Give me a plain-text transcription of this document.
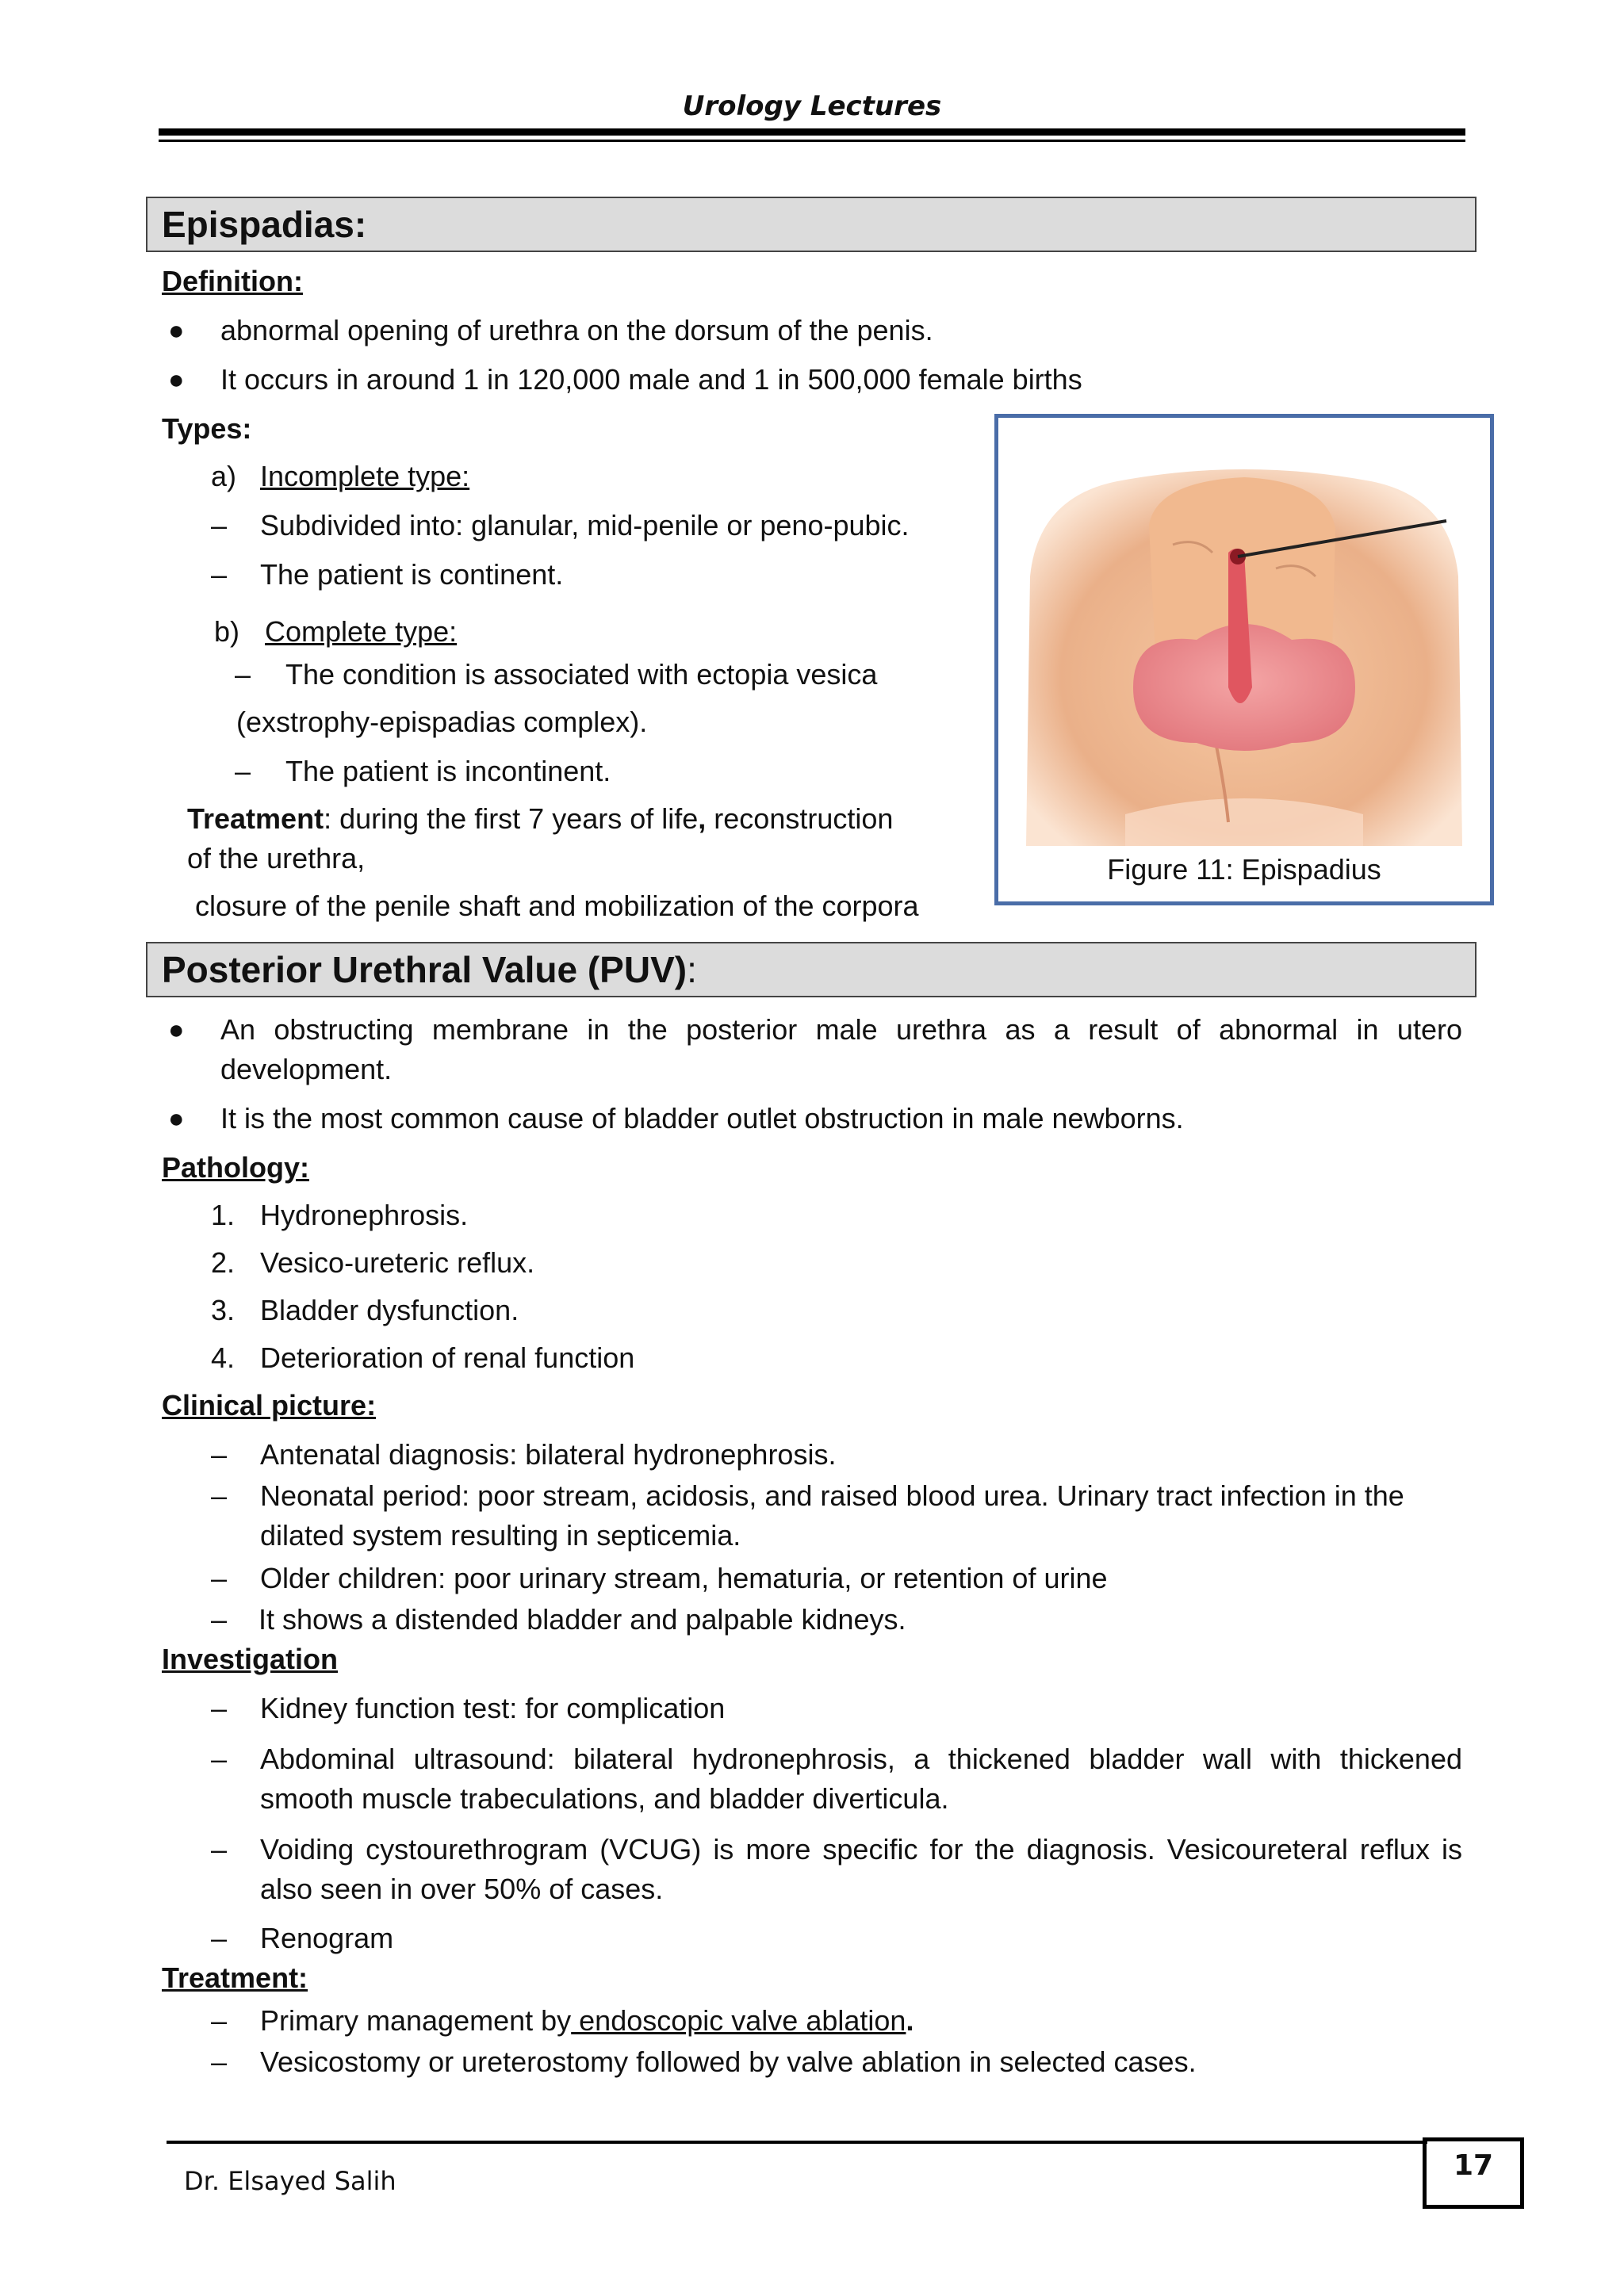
Urology Lectures
Epispadias:
Definition:
● abnormal opening of urethra on the dorsum of the penis.
● It occurs in around 1 in 120,000 male and 1 in 500,000 female births
Types:
a) Incomplete type:
– Subdivided into: glanular, mid-penile or peno-pubic.
– The patient is continent.
b) Complete type:
– The condition is associated with ectopia vesica
(exstrophy-epispadias complex).
– The patient is incontinent.
Treatment: during the first 7 years of life, reconstruction
of the urethra,
closure of the penile shaft and mobilization of the corpora
Figure 11: Epispadius
Posterior Urethral Value (PUV):
● An obstructing membrane in the posterior male urethra as a result of abnormal in utero development.
● It is the most common cause of bladder outlet obstruction in male newborns.
Pathology:
1. Hydronephrosis.
2. Vesico-ureteric reflux.
3. Bladder dysfunction.
4. Deterioration of renal function
Clinical picture:
– Antenatal diagnosis: bilateral hydronephrosis.
– Neonatal period: poor stream, acidosis, and raised blood urea. Urinary tract infection in the dilated system resulting in septicemia.
– Older children: poor urinary stream, hematuria, or retention of urine
– It shows a distended bladder and palpable kidneys.
Investigation
– Kidney function test: for complication
– Abdominal ultrasound: bilateral hydronephrosis, a thickened bladder wall with thickened smooth muscle trabeculations, and bladder diverticula.
– Voiding cystourethrogram (VCUG) is more specific for the diagnosis. Vesicoureteral reflux is also seen in over 50% of cases.
– Renogram
Treatment:
– Primary management by endoscopic valve ablation.
– Vesicostomy or ureterostomy followed by valve ablation in selected cases.
Dr. Elsayed Salih	17
